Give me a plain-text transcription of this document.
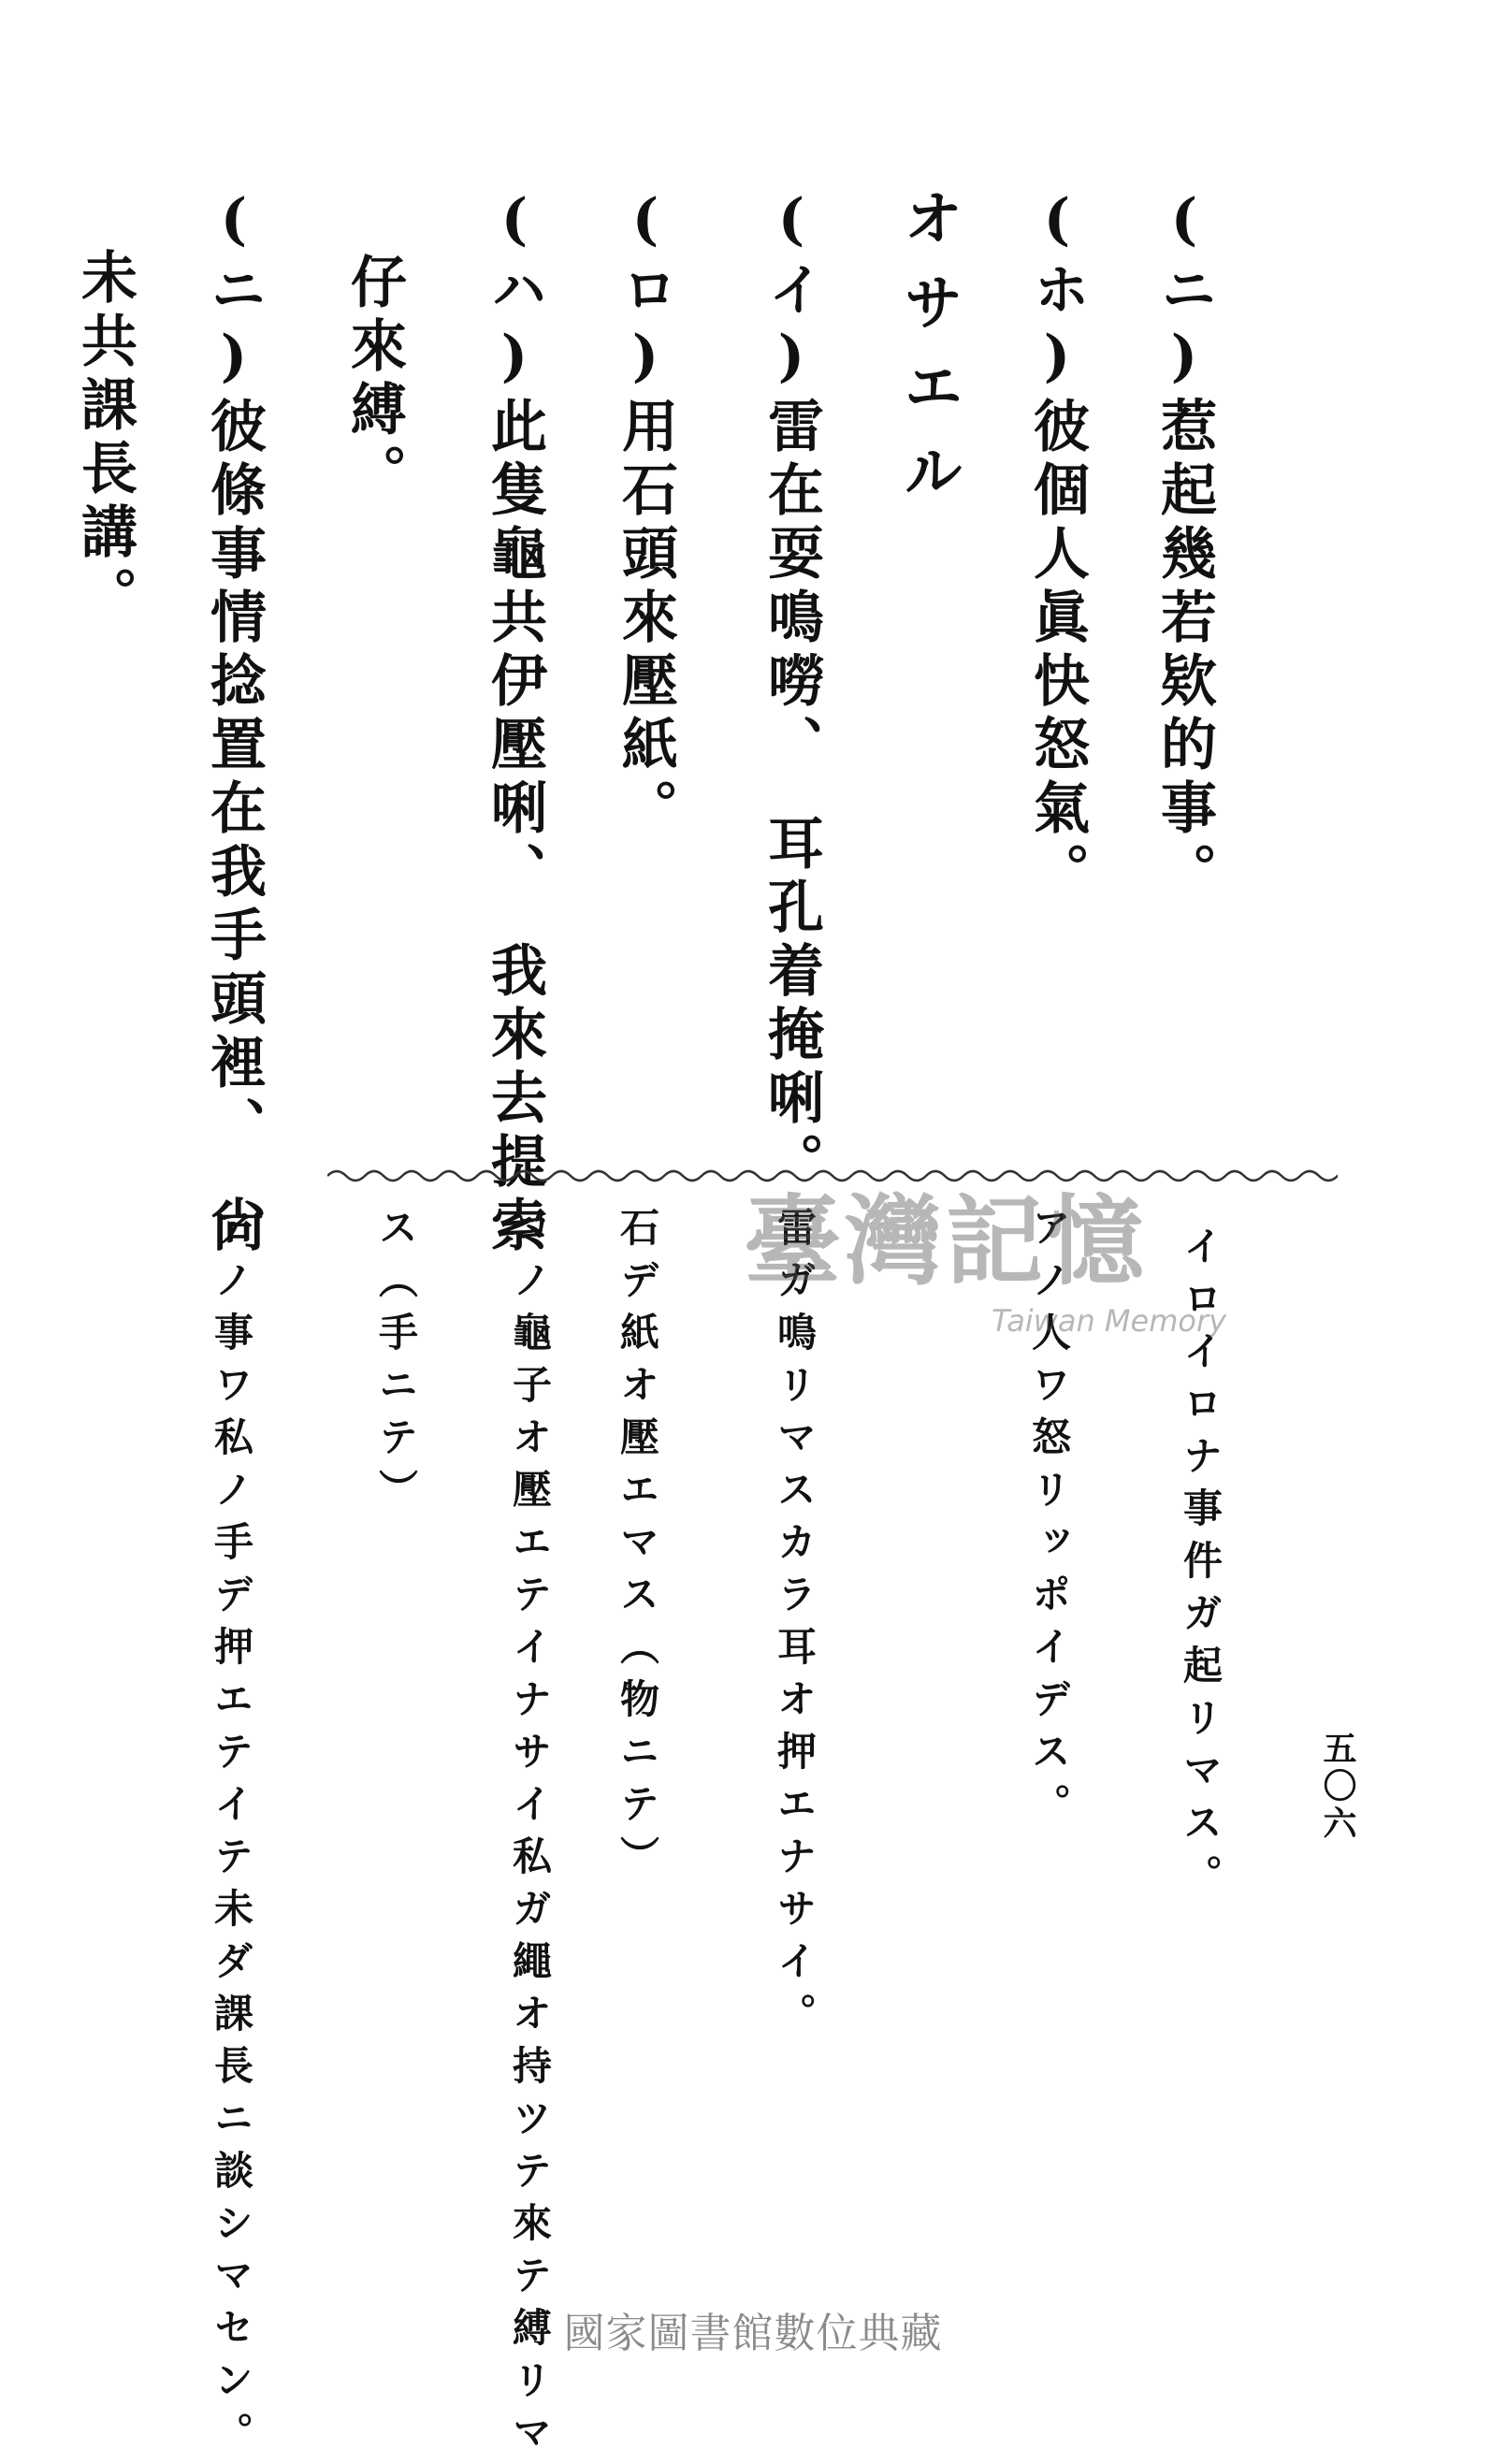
(ニ)惹起幾若欵的事。
(ホ)彼個人眞快怒氣。
オサエル
(イ)雷在耍鳴嘮、　耳孔着掩唎。
(ロ)用石頭來壓紙。
(ハ)此隻龜共伊壓唎、　我來去提索
仔來縛。
(ニ)彼條事情捻置在我手頭裡、　尙
未共課長講。
イロイロナ事件ガ起リマス。
アノ人ワ怒リッポイデス。
雷ガ鳴リマスカラ耳オ押エナサイ。
石デ紙オ壓エマス（物ニテ）
コノ龜子オ壓エテイナサイ私ガ繩オ持ツテ來テ縛リマ
ス（手ニテ）
アノ事ワ私ノ手デ押エテイテ未ダ課長ニ談シマセン。	五〇六
臺灣記憶
Taiwan Memory
國家圖書館數位典藏
